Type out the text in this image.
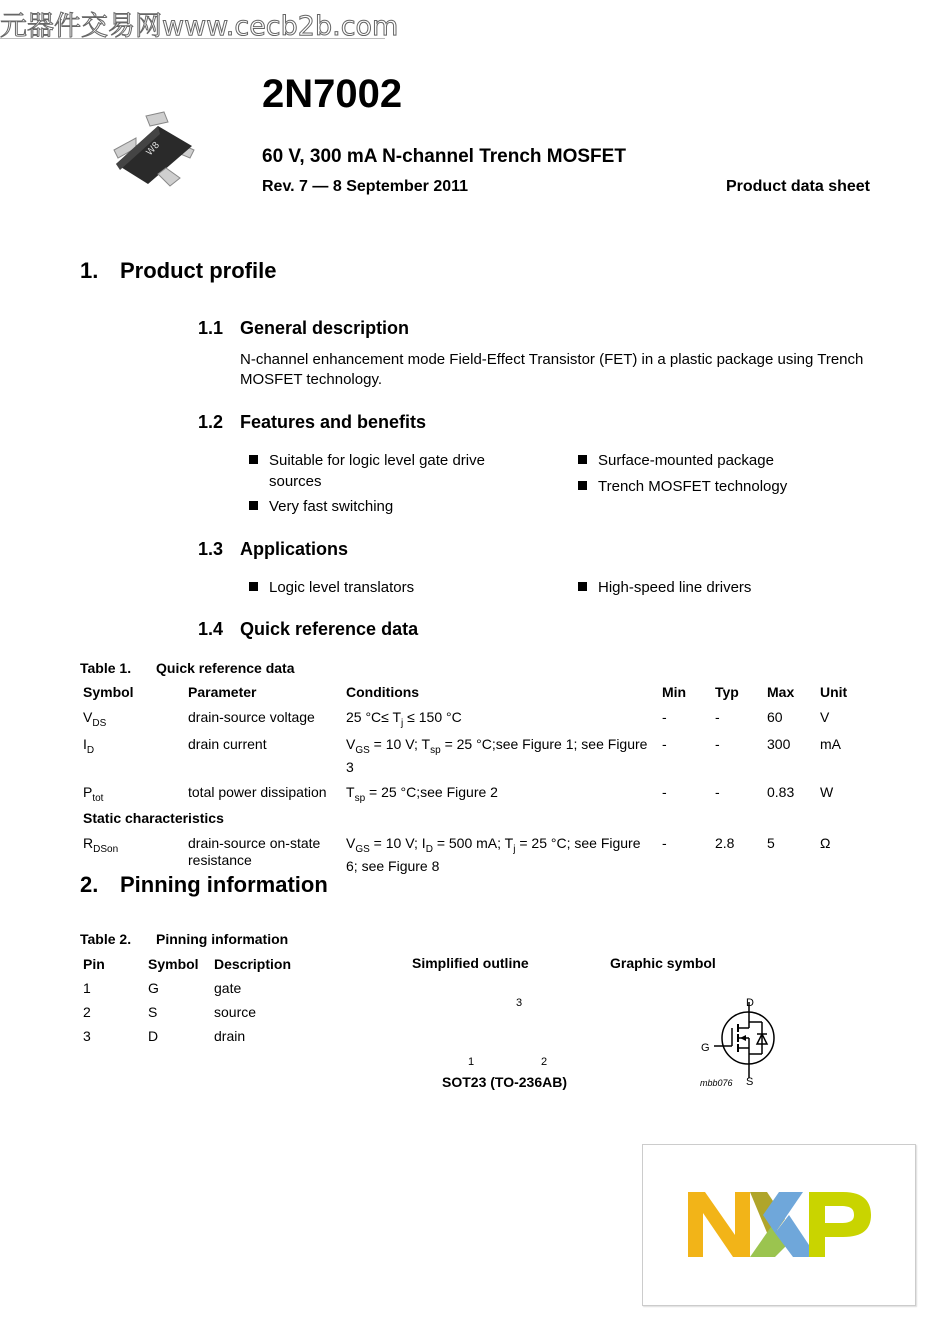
元器件交易网www.cecb2b.com
W8
2N7002
60 V, 300 mA N-channel Trench MOSFET
Rev. 7 — 8 September 2011	Product data sheet
1. Product profile
1.1 General description
N-channel enhancement mode Field-Effect Transistor (FET) in a plastic package using Trench MOSFET technology.
1.2 Features and benefits
Suitable for logic level gate drive sources
Very fast switching
Surface-mounted package
Trench MOSFET technology
1.3 Applications
Logic level translators	High-speed line drivers
1.4 Quick reference data
Table 1. Quick reference data
Symbol	Parameter	Conditions	Min	Typ	Max	Unit
$V_{DS}$	drain-source voltage	25 $^\circ C\le T_j \le 150$ °C	-	-	60	V
$I_D$	drain current	$V_{GS} = 10$ V; $T_{sp} = 25$ °C;see Figure 1; see Figure 3	-	-	300	mA
$P_{tot}$	total power dissipation	$T_{sp} = 25$ °C;see Figure 2	-	-	0.83	W
Static characteristics						
$R_{DSon}$	drain-source on-state resistance	$V_{GS} = 10$ V; $I_D = 500$ mA; $T_j = 25$ °C; see Figure 6; see Figure 8	-	2.8	5	Ω
2. Pinning information
Table 2. Pinning information
Pin	Symbol	Description
1	G	gate
2	S	source
3	D	drain
Simplified outline	Graphic symbol
3
1	2
SOT23 (TO-236AB)
D
G
S
mbb076
